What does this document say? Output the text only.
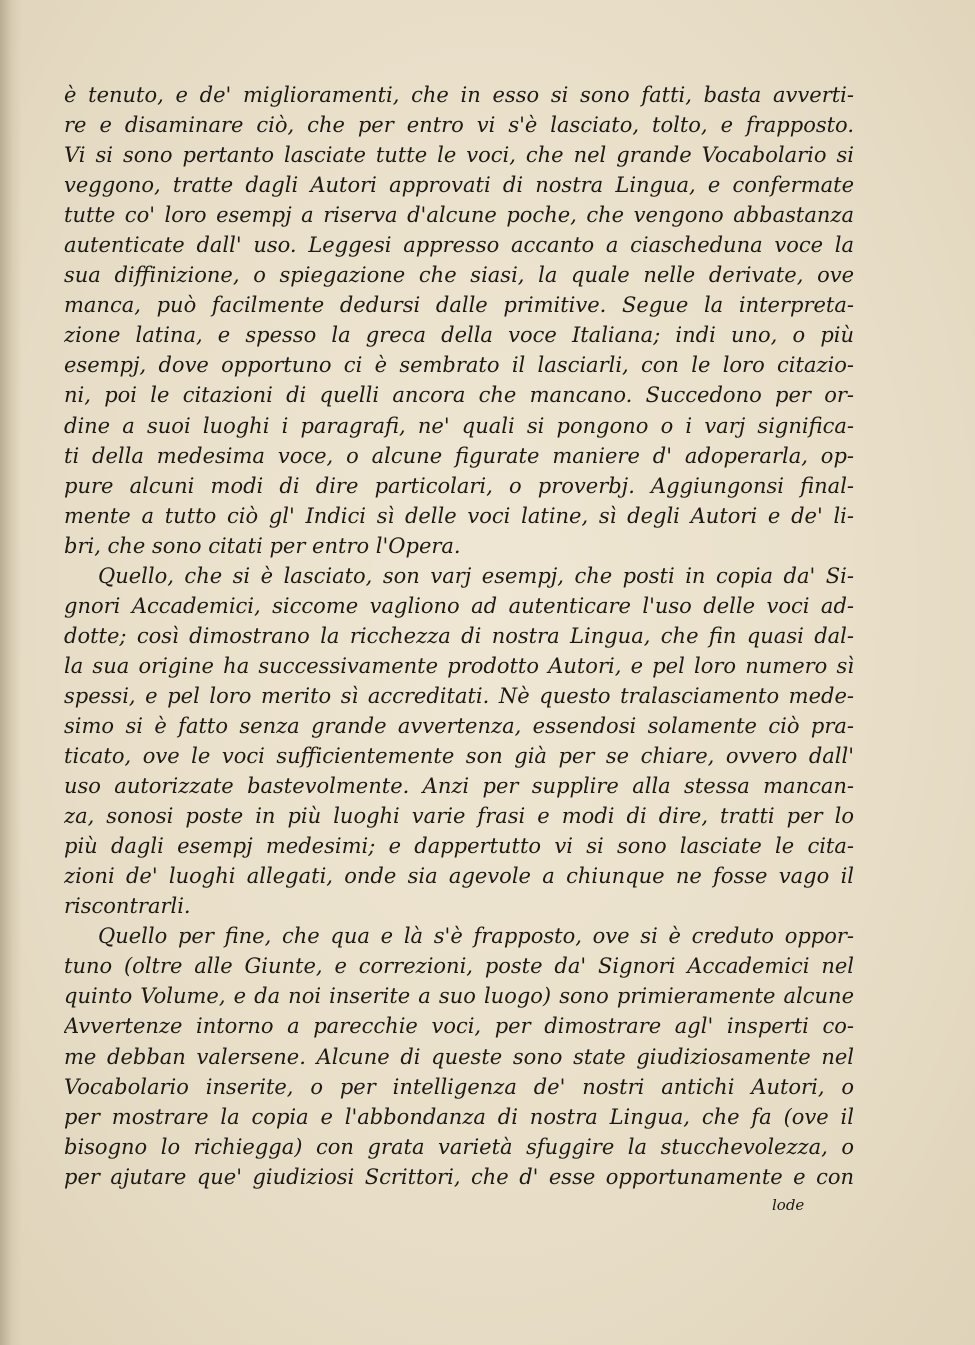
è tenuto, e de' miglioramenti, che in esso si sono fatti, basta avverti-
re e disaminare ciò, che per entro vi s'è lasciato, tolto, e frapposto.
Vi si sono pertanto lasciate tutte le voci, che nel grande Vocabolario si
veggono, tratte dagli Autori approvati di nostra Lingua, e confermate
tutte co' loro esempj a riserva d'alcune poche, che vengono abbastanza
autenticate dall' uso. Leggesi appresso accanto a ciascheduna voce la
sua diffinizione, o spiegazione che siasi, la quale nelle derivate, ove
manca, può facilmente dedursi dalle primitive. Segue la interpreta-
zione latina, e spesso la greca della voce Italiana; indi uno, o più
esempj, dove opportuno ci è sembrato il lasciarli, con le loro citazio-
ni, poi le citazioni di quelli ancora che mancano. Succedono per or-
dine a suoi luoghi i paragrafi, ne' quali si pongono o i varj significa-
ti della medesima voce, o alcune figurate maniere d' adoperarla, op-
pure alcuni modi di dire particolari, o proverbj. Aggiungonsi final-
mente a tutto ciò gl' Indici sì delle voci latine, sì degli Autori e de' li-
bri, che sono citati per entro l'Opera.
Quello, che si è lasciato, son varj esempj, che posti in copia da' Si-
gnori Accademici, siccome vagliono ad autenticare l'uso delle voci ad-
dotte; così dimostrano la ricchezza di nostra Lingua, che fin quasi dal-
la sua origine ha successivamente prodotto Autori, e pel loro numero sì
spessi, e pel loro merito sì accreditati. Nè questo tralasciamento mede-
simo si è fatto senza grande avvertenza, essendosi solamente ciò pra-
ticato, ove le voci sufficientemente son già per se chiare, ovvero dall'
uso autorizzate bastevolmente. Anzi per supplire alla stessa mancan-
za, sonosi poste in più luoghi varie frasi e modi di dire, tratti per lo
più dagli esempj medesimi; e dappertutto vi si sono lasciate le cita-
zioni de' luoghi allegati, onde sia agevole a chiunque ne fosse vago il
riscontrarli.
Quello per fine, che qua e là s'è frapposto, ove si è creduto oppor-
tuno (oltre alle Giunte, e correzioni, poste da' Signori Accademici nel
quinto Volume, e da noi inserite a suo luogo) sono primieramente alcune
Avvertenze intorno a parecchie voci, per dimostrare agl' insperti co-
me debban valersene. Alcune di queste sono state giudiziosamente nel
Vocabolario inserite, o per intelligenza de' nostri antichi Autori, o
per mostrare la copia e l'abbondanza di nostra Lingua, che fa (ove il
bisogno lo richiegga) con grata varietà sfuggire la stucchevolezza, o
per ajutare que' giudiziosi Scrittori, che d' esse opportunamente e con
lode
